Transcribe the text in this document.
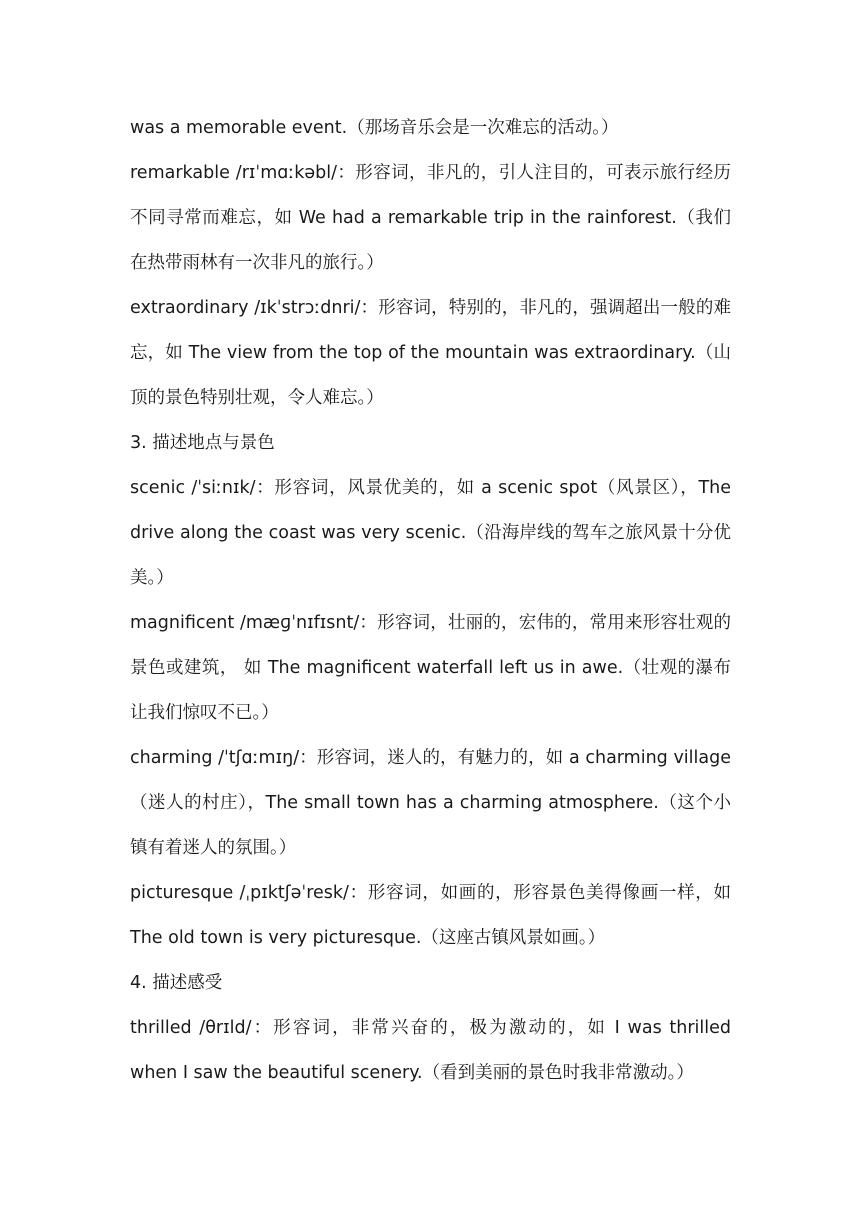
was a memorable event.（那场音乐会是一次难忘的活动。）

remarkable /rɪˈmɑːkəbl/：形容词，非凡的，引人注目的，可表示旅行经历不同寻常而难忘，如 We had a remarkable trip in the rainforest.（我们在热带雨林有一次非凡的旅行。）

extraordinary /ɪkˈstrɔːdnri/：形容词，特别的，非凡的，强调超出一般的难忘，如 The view from the top of the mountain was extraordinary.（山顶的景色特别壮观，令人难忘。）

3. 描述地点与景色

scenic /ˈsiːnɪk/：形容词，风景优美的，如 a scenic spot（风景区），The drive along the coast was very scenic.（沿海岸线的驾车之旅风景十分优美。）

magnificent /mæɡˈnɪfɪsnt/：形容词，壮丽的，宏伟的，常用来形容壮观的景色或建筑， 如 The magnificent waterfall left us in awe.（壮观的瀑布让我们惊叹不已。）

charming /ˈtʃɑːmɪŋ/：形容词，迷人的，有魅力的，如 a charming village（迷人的村庄），The small town has a charming atmosphere.（这个小镇有着迷人的氛围。）

picturesque /ˌpɪktʃəˈresk/：形容词，如画的，形容景色美得像画一样，如 The old town is very picturesque.（这座古镇风景如画。）

4. 描述感受

thrilled /θrɪld/：形容词，非常兴奋的，极为激动的，如 I was thrilled when I saw the beautiful scenery.（看到美丽的景色时我非常激动。）
